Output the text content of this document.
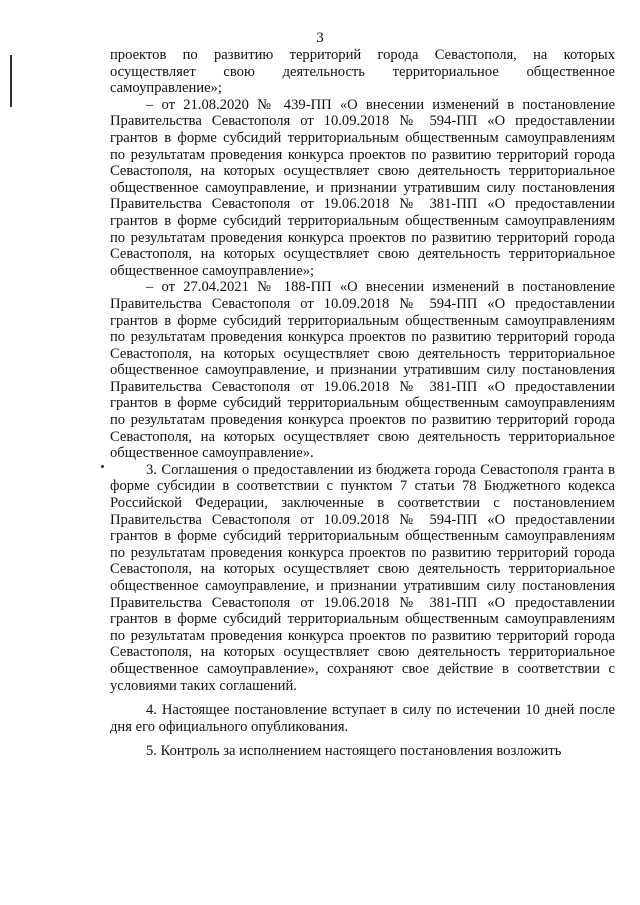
3

проектов по развитию территорий города Севастополя, на которых осуществляет свою деятельность территориальное общественное самоуправление»;

– от 21.08.2020 № 439-ПП «О внесении изменений в постановление Правительства Севастополя от 10.09.2018 № 594-ПП «О предоставлении грантов в форме субсидий территориальным общественным самоуправлениям по результатам проведения конкурса проектов по развитию территорий города Севастополя, на которых осуществляет свою деятельность территориальное общественное самоуправление, и признании утратившим силу постановления Правительства Севастополя от 19.06.2018 № 381-ПП «О предоставлении грантов в форме субсидий территориальным общественным самоуправлениям по результатам проведения конкурса проектов по развитию территорий города Севастополя, на которых осуществляет свою деятельность территориальное общественное самоуправление»;

– от 27.04.2021 № 188-ПП «О внесении изменений в постановление Правительства Севастополя от 10.09.2018 № 594-ПП «О предоставлении грантов в форме субсидий территориальным общественным самоуправлениям по результатам проведения конкурса проектов по развитию территорий города Севастополя, на которых осуществляет свою деятельность территориальное общественное самоуправление, и признании утратившим силу постановления Правительства Севастополя от 19.06.2018 № 381-ПП «О предоставлении грантов в форме субсидий территориальным общественным самоуправлениям по результатам проведения конкурса проектов по развитию территорий города Севастополя, на которых осуществляет свою деятельность территориальное общественное самоуправление».

3. Соглашения о предоставлении из бюджета города Севастополя гранта в форме субсидии в соответствии с пунктом 7 статьи 78 Бюджетного кодекса Российской Федерации, заключенные в соответствии с постановлением Правительства Севастополя от 10.09.2018 № 594-ПП «О предоставлении грантов в форме субсидий территориальным общественным самоуправлениям по результатам проведения конкурса проектов по развитию территорий города Севастополя, на которых осуществляет свою деятельность территориальное общественное самоуправление, и признании утратившим силу постановления Правительства Севастополя от 19.06.2018 № 381-ПП «О предоставлении грантов в форме субсидий территориальным общественным самоуправлениям по результатам проведения конкурса проектов по развитию территорий города Севастополя, на которых осуществляет свою деятельность территориальное общественное самоуправление», сохраняют свое действие в соответствии с условиями таких соглашений.

4. Настоящее постановление вступает в силу по истечении 10 дней после дня его официального опубликования.

5. Контроль за исполнением настоящего постановления возложить
